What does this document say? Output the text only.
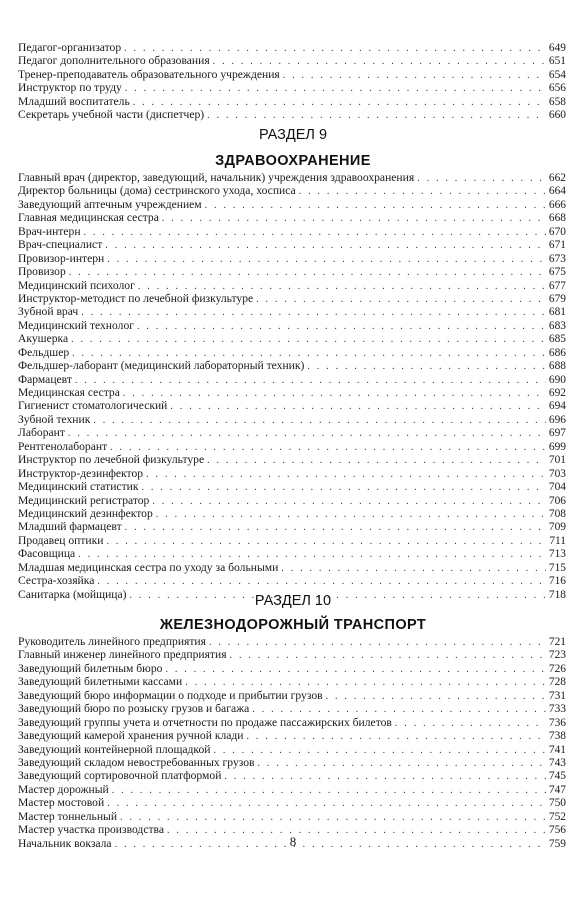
Педагог-организатор . . .	649
Педагог дополнительного образования . . .	651
Тренер-преподаватель образовательного учреждения . . .	654
Инструктор по труду . . .	656
Младший воспитатель . . .	658
Секретарь учебной части (диспетчер) . . .	660
РАЗДЕЛ 9
ЗДРАВООХРАНЕНИЕ
Главный врач (директор, заведующий, начальник) учреждения здравоохранения . . .	662
Директор больницы (дома) сестринского ухода, хосписа . . .	664
Заведующий аптечным учреждением . . .	666
Главная медицинская сестра . . .	668
Врач-интерн . . .	670
Врач-специалист . . .	671
Провизор-интерн . . .	673
Провизор . . .	675
Медицинский психолог . . .	677
Инструктор-методист по лечебной физкультуре . . .	679
Зубной врач . . .	681
Медицинский технолог . . .	683
Акушерка . . .	685
Фельдшер . . .	686
Фельдшер-лаборант (медицинский лабораторный техник) . . .	688
Фармацевт . . .	690
Медицинская сестра . . .	692
Гигиенист стоматологический . . .	694
Зубной техник . . .	696
Лаборант . . .	697
Рентгенолаборант . . .	699
Инструктор по лечебной физкультуре . . .	701
Инструктор-дезинфектор . . .	703
Медицинский статистик . . .	704
Медицинский регистратор . . .	706
Медицинский дезинфектор . . .	708
Младший фармацевт . . .	709
Продавец оптики . . .	711
Фасовщица . . .	713
Младшая медицинская сестра по уходу за больными . . .	715
Сестра-хозяйка . . .	716
Санитарка (мойщица) . . .	718
РАЗДЕЛ 10
ЖЕЛЕЗНОДОРОЖНЫЙ ТРАНСПОРТ
Руководитель линейного предприятия . . .	721
Главный инженер линейного предприятия . . .	723
Заведующий билетным бюро . . .	726
Заведующий билетными кассами . . .	728
Заведующий бюро информации о подходе и прибытии грузов . . .	731
Заведующий бюро по розыску грузов и багажа . . .	733
Заведующий группы учета и отчетности по продаже пассажирских билетов . . .	736
Заведующий камерой хранения ручной клади . . .	738
Заведующий контейнерной площадкой . . .	741
Заведующий складом невостребованных грузов . . .	743
Заведующий сортировочной платформой . . .	745
Мастер дорожный . . .	747
Мастер мостовой . . .	750
Мастер тоннельный . . .	752
Мастер участка производства . . .	756
Начальник вокзала . . .	759
8
